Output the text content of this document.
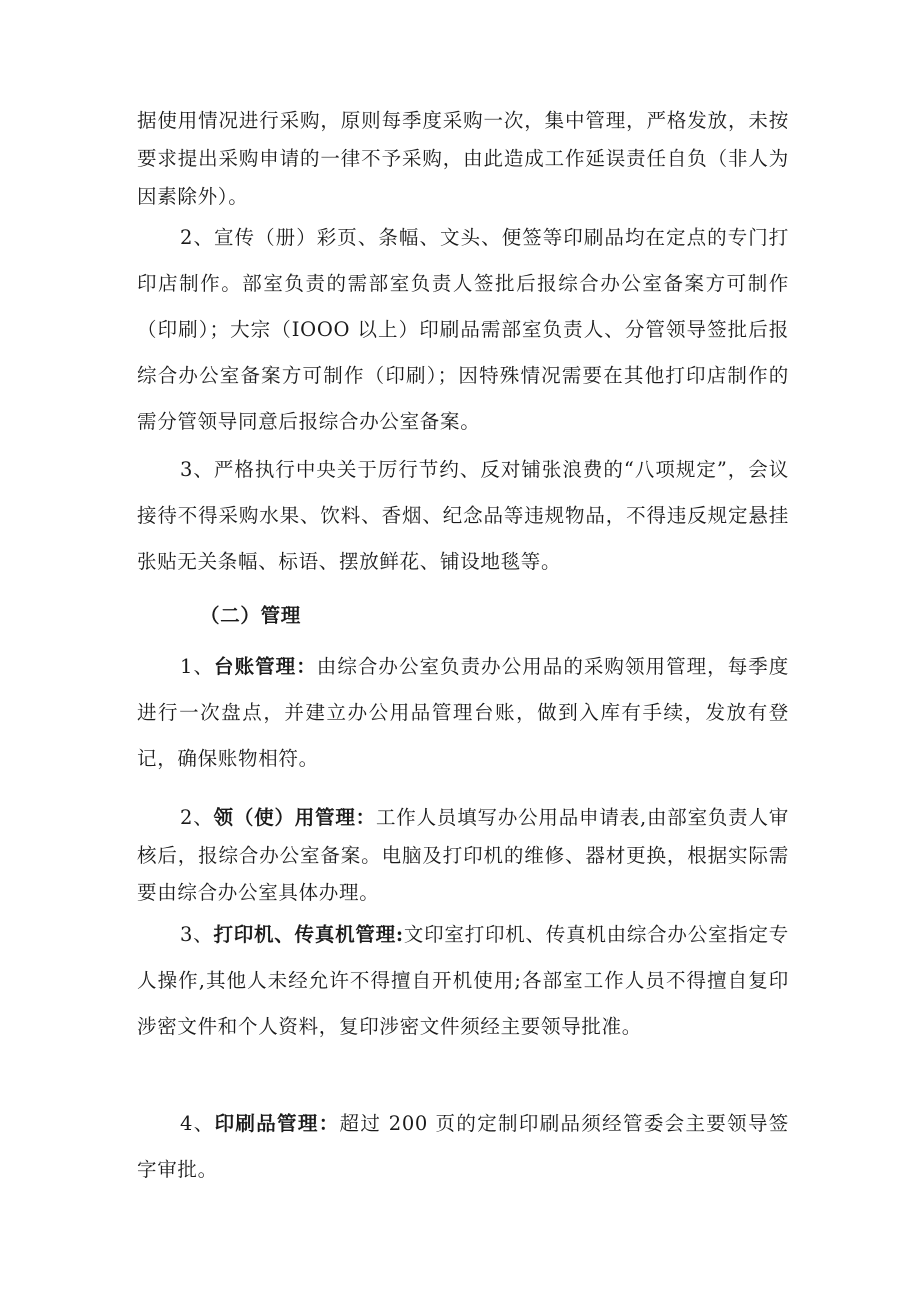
据使用情况进行采购，原则每季度采购一次，集中管理，严格发放，未按要求提出采购申请的一律不予采购，由此造成工作延误责任自负（非人为因素除外）。

2、宣传（册）彩页、条幅、文头、便签等印刷品均在定点的专门打印店制作。部室负责的需部室负责人签批后报综合办公室备案方可制作（印刷）；大宗（IOOO 以上）印刷品需部室负责人、分管领导签批后报综合办公室备案方可制作（印刷）；因特殊情况需要在其他打印店制作的需分管领导同意后报综合办公室备案。

3、严格执行中央关于厉行节约、反对铺张浪费的“八项规定”，会议接待不得采购水果、饮料、香烟、纪念品等违规物品，不得违反规定悬挂张贴无关条幅、标语、摆放鲜花、铺设地毯等。

（二）管理

1、台账管理：由综合办公室负责办公用品的采购领用管理，每季度进行一次盘点，并建立办公用品管理台账，做到入库有手续，发放有登记，确保账物相符。

2、领（使）用管理：工作人员填写办公用品申请表,由部室负责人审核后，报综合办公室备案。电脑及打印机的维修、器材更换，根据实际需要由综合办公室具体办理。

3、打印机、传真机管理:文印室打印机、传真机由综合办公室指定专人操作,其他人未经允许不得擅自开机使用;各部室工作人员不得擅自复印涉密文件和个人资料，复印涉密文件须经主要领导批准。

4、印刷品管理：超过 200 页的定制印刷品须经管委会主要领导签字审批。
